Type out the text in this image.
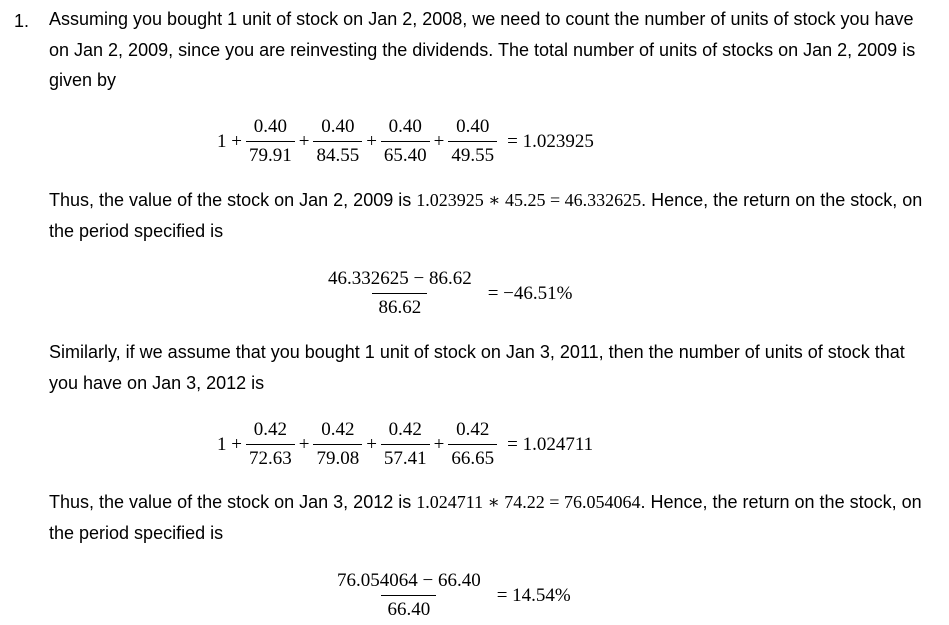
1. Assuming you bought 1 unit of stock on Jan 2, 2008, we need to count the number of units of stock you have on Jan 2, 2009, since you are reinvesting the dividends. The total number of units of stocks on Jan 2, 2009 is given by
$1 + \frac{0.40}{79.91} + \frac{0.40}{84.55} + \frac{0.40}{65.40} + \frac{0.40}{49.55} = 1.023925$
Thus, the value of the stock on Jan 2, 2009 is 1.023925 ∗ 45.25 = 46.332625. Hence, the return on the stock, on the period specified is
$\frac{46.332625 - 86.62}{86.62} = -46.51\%$
Similarly, if we assume that you bought 1 unit of stock on Jan 3, 2011, then the number of units of stock that you have on Jan 3, 2012 is
$1 + \frac{0.42}{72.63} + \frac{0.42}{79.08} + \frac{0.42}{57.41} + \frac{0.42}{66.65} = 1.024711$
Thus, the value of the stock on Jan 3, 2012 is 1.024711 ∗ 74.22 = 76.054064. Hence, the return on the stock, on the period specified is
$\frac{76.054064 - 66.40}{66.40} = 14.54\%$
